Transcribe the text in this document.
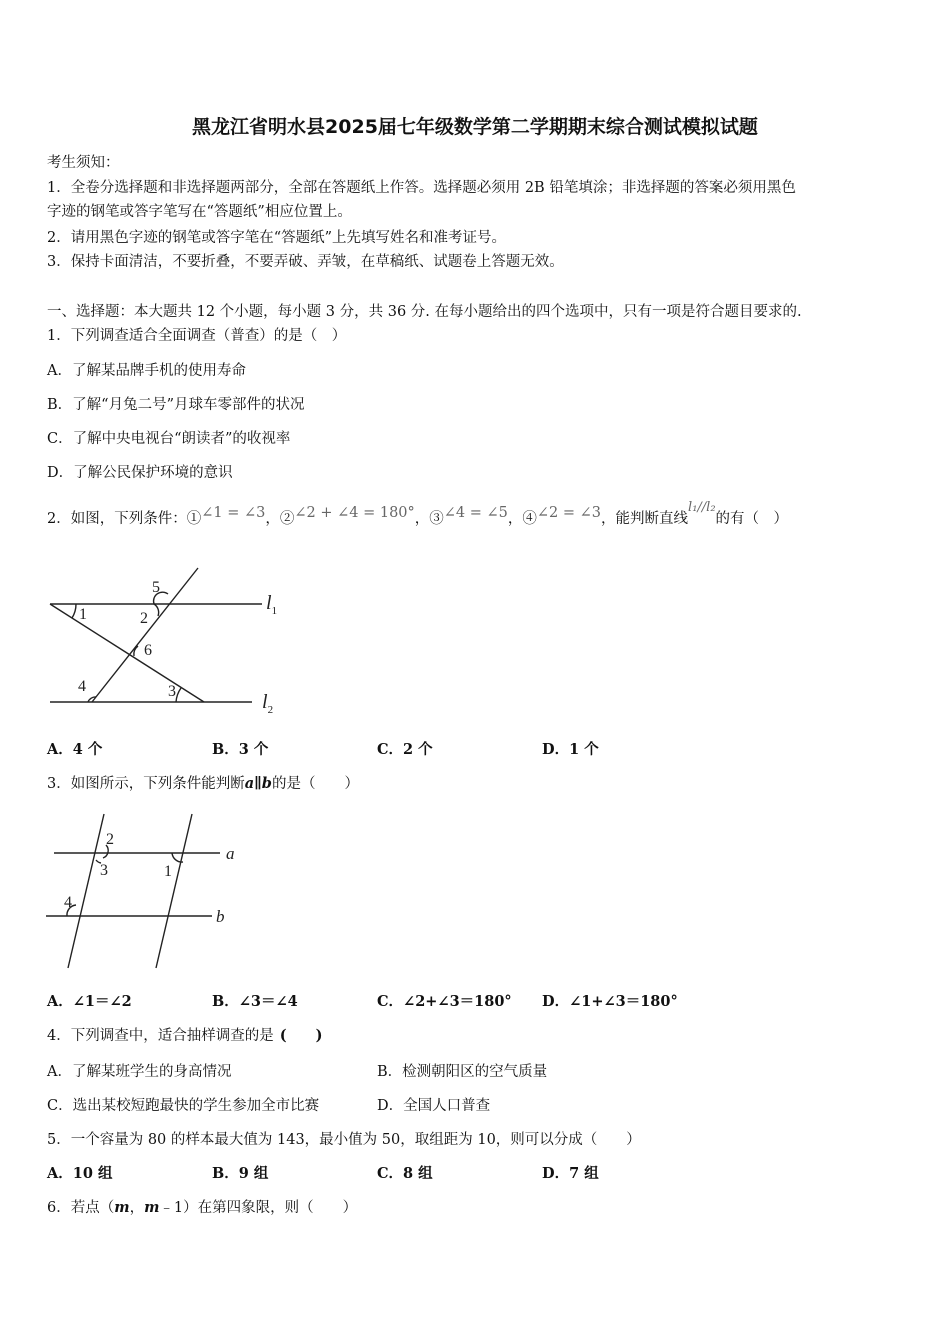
黑龙江省明水县2025届七年级数学第二学期期末综合测试模拟试题
考生须知：
1．全卷分选择题和非选择题两部分，全部在答题纸上作答。选择题必须用 2B 铅笔填涂；非选择题的答案必须用黑色
字迹的钢笔或答字笔写在“答题纸”相应位置上。
2．请用黑色字迹的钢笔或答字笔在“答题纸”上先填写姓名和准考证号。
3．保持卡面清洁，不要折叠，不要弄破、弄皱，在草稿纸、试题卷上答题无效。
一、选择题：本大题共 12 个小题，每小题 3 分，共 36 分. 在每小题给出的四个选项中，只有一项是符合题目要求的.
1．下列调查适合全面调查（普查）的是（　）
A．了解某品牌手机的使用寿命
B．了解“月兔二号”月球车零部件的状况
C．了解中央电视台“朗读者”的收视率
D．了解公民保护环境的意识
2．如图，下列条件：①∠1 = ∠3，②∠2 + ∠4 = 180°，③∠4 = ∠5，④∠2 = ∠3，能判断直线l₁//l₂的有（　）
5
1	2
6
4	3
$l_1$
$l_2$
A．4 个	B．3 个	C．2 个	D．1 个
3．如图所示，下列条件能判断a∥b的是（　　）
2
3	1
4
a
b
A．∠1＝∠2	B．∠3＝∠4	C．∠2+∠3＝180° D．∠1+∠3＝180°
4．下列调查中，适合抽样调查的是 (　　)
A．了解某班学生的身高情况	B．检测朝阳区的空气质量
C．选出某校短跑最快的学生参加全市比赛	D．全国人口普查
5．一个容量为 80 的样本最大值为 143，最小值为 50，取组距为 10，则可以分成（　　）
A．10 组	B．9 组	C．8 组	D．7 组
6．若点（m，m﹣1）在第四象限，则（　　）
